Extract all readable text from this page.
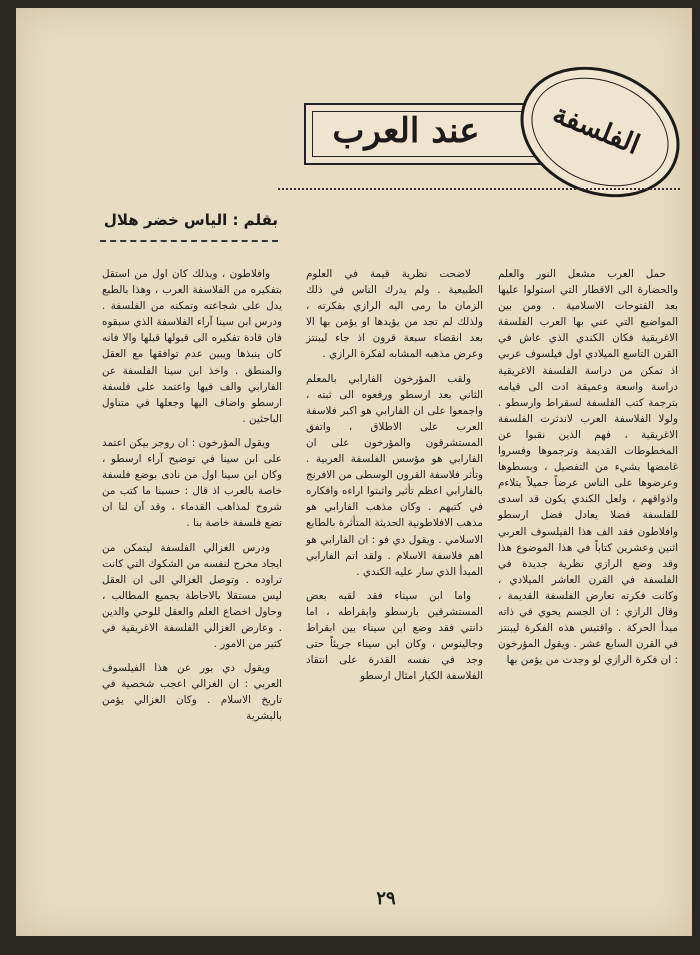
عند العرب	الفلسفة
بقلم : الياس خضر هلال

حمل العرب مشعل النور والعلم والحضارة الى الاقطار التي استولوا عليها بعد الفتوحات الاسلامية . ومن بين المواضيع التي عني بها العرب الفلسفة الاغريقية فكان الكندي الذي عاش في القرن التاسع الميلادي اول فيلسوف عربي اذ تمكن من دراسة الفلسفة الاغريقية دراسة واسعة وعميقة ادت الى قيامه بترجمة كتب الفلسفة لسقراط وارسطو . ولولا الفلاسفة العرب لاندثرت الفلسفة الاغريقية ، فهم الذين نقبوا عن المخطوطات القديمة وترجموها وفسروا غامضها بشيء من التفصيل ، وبسطوها وعرضوها على الناس عرضاً جميلاً يتلاءم واذواقهم ، ولعل الكندي يكون قد اسدى للفلسفة فضلا يعادل فضل ارسطو وافلاطون فقد الف هذا الفيلسوف العربي اثنين وعشرين كتاباً في هذا الموضوع هذا وقد وضع الرازي نظرية جديدة في الفلسفة في القرن العاشر الميلادي ، وكانت فكرته تعارض الفلسفة القديمة ، وقال الرازي : ان الجسم يحوي في ذاته مبدأ الحركة . واقتبس هذه الفكرة ليبنتز في القرن السابع عشر . ويقول المؤرخون : ان فكرة الرازي لو وجدت من يؤمن بها

لاضحت نظرية قيمة في العلوم الطبيعية . ولم يدرك الناس في ذلك الزمان ما رمى اليه الرازي بفكرته ، ولذلك لم تجد من يؤيدها او يؤمن بها الا بعد انقضاء سبعة قرون اذ جاء ليبنتز وعرض مذهبه المشابه لفكرة الرازي .

ولقب المؤرخون الفارابي بالمعلم الثاني بعد ارسطو ورفعوه الى ثبته ، واجمعوا على ان الفارابي هو اكبر فلاسفة العرب على الاطلاق ، واتفق المستشرقون والمؤرخون على ان الفارابي هو مؤسس الفلسفة العربية . وتأثر فلاسفة القرون الوسطى من الافرنج بالفارابي اعظم تأثير واثبتوا اراءه وافكاره في كتبهم . وكان مذهب الفارابي هو مذهب الافلاطونية الحديثة المتأثرة بالطابع الاسلامي . ويقول دي فو : ان الفارابي هو اهم فلاسفة الاسلام . ولقد اتم الفارابي المبدأ الذي سار عليه الكندي .

واما ابن سيناء فقد لقبه بعض المستشرقين بارسطو وابقراطه ، اما دانتي فقد وضع ابن سيناء بين ابقراط وجالينوس ، وكان ابن سيناء جريئاً حتى وجد في نفسه القدرة على انتقاد الفلاسفة الكبار امثال ارسطو

وافلاطون ، وبذلك كان اول من استقل بتفكيره من الفلاسفة العرب ، وهذا بالطبع يدل على شجاعته وتمكنه من الفلسفة . ودرس ابن سينا آراء الفلاسفة الذي سبقوه فان قادة تفكيره الى قبولها قبلها والا فانه كان ينبذها ويبين عدم توافقها مع العقل والمنطق . واخذ ابن سينا الفلسفة عن الفارابي والف فيها واعتمد على فلسفة ارسطو واضاف اليها وجعلها في متناول الباحثين .

ويقول المؤرخون : ان روجر بيكن اعتمد على ابن سينا في توضيح آراء ارسطو ، وكان ابن سينا اول من نادى بوضع فلسفة خاصة بالعرب اذ قال : حسبنا ما كتب من شروح لمذاهب القدماء ، وقد آن لنا ان نضع فلسفة خاصة بنا .

ودرس الغزالي الفلسفة ليتمكن من ايجاد مخرج لنفسه من الشكوك التي كانت تراوده . وتوصل الغزالي الى ان العقل ليس مستقلا بالاحاطة بجميع المطالب ، وحاول اخضاع العلم والعقل للوحي والدين . وعارض الغزالي الفلسفة الاغريقية في كثير من الامور .

ويقول دي بور عن هذا الفيلسوف العربي : ان الغزالي اعجب شخصية في تاريخ الاسلام . وكان الغزالي يؤمن بالبشرية

٢٩
